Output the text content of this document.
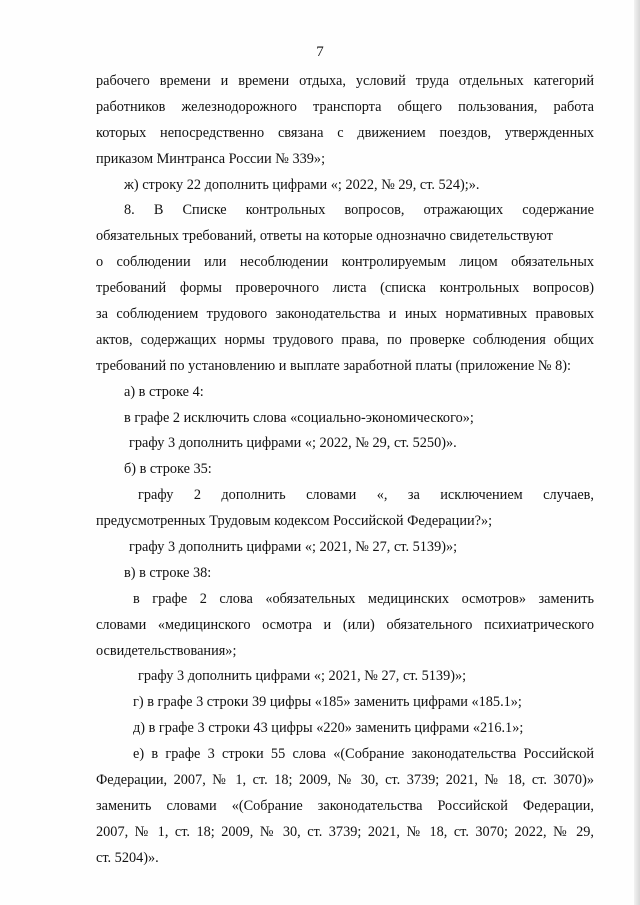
7
рабочего времени и времени отдыха, условий труда отдельных категорий
работников железнодорожного транспорта общего пользования, работа
которых непосредственно связана с движением поездов, утвержденных
приказом Минтранса России № 339»;
ж) строку 22 дополнить цифрами «; 2022, № 29, ст. 524);».
8. В Списке контрольных вопросов, отражающих содержание
обязательных требований, ответы на которые однозначно свидетельствуют
о соблюдении или несоблюдении контролируемым лицом обязательных
требований формы проверочного листа (списка контрольных вопросов)
за соблюдением трудового законодательства и иных нормативных правовых
актов, содержащих нормы трудового права, по проверке соблюдения общих
требований по установлению и выплате заработной платы (приложение № 8):
а) в строке 4:
в графе 2 исключить слова «социально-экономического»;
графу 3 дополнить цифрами «; 2022, № 29, ст. 5250)».
б) в строке 35:
графу 2 дополнить словами «, за исключением случаев,
предусмотренных Трудовым кодексом Российской Федерации?»;
графу 3 дополнить цифрами «; 2021, № 27, ст. 5139)»;
в) в строке 38:
в графе 2 слова «обязательных медицинских осмотров» заменить
словами «медицинского осмотра и (или) обязательного психиатрического
освидетельствования»;
графу 3 дополнить цифрами «; 2021, № 27, ст. 5139)»;
г) в графе 3 строки 39 цифры «185» заменить цифрами «185.1»;
д) в графе 3 строки 43 цифры «220» заменить цифрами «216.1»;
е) в графе 3 строки 55 слова «(Собрание законодательства Российской
Федерации, 2007, № 1, ст. 18; 2009, № 30, ст. 3739; 2021, № 18, ст. 3070)»
заменить словами «(Собрание законодательства Российской Федерации,
2007, № 1, ст. 18; 2009, № 30, ст. 3739; 2021, № 18, ст. 3070; 2022, № 29,
ст. 5204)».
